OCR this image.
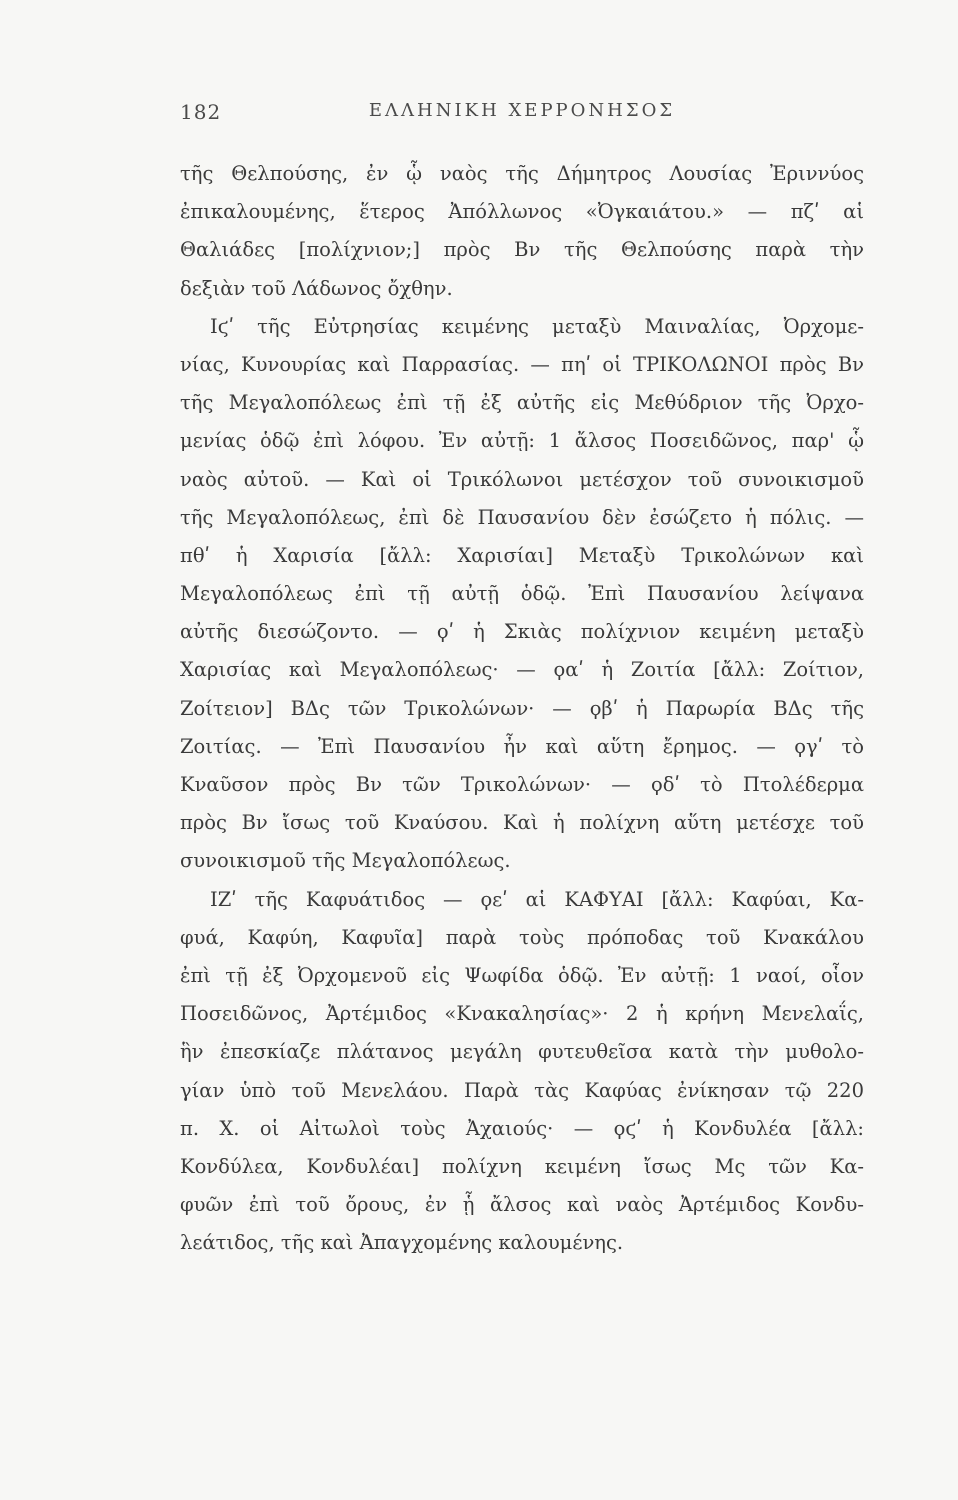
182	ΕΛΛΗΝΙΚΗ ΧΕΡΡΟΝΗΣΟΣ
τῆς Θελπούσης, ἐν ᾧ ναὸς τῆς Δήμητρος Λουσίας Ἐριννύος
ἐπικαλουμένης, ἕτερος Ἀπόλλωνος «Ὀγκαιάτου.» — πζʹ αἱ
Θαλιάδες [πολίχνιον;] πρὸς Βν τῆς Θελπούσης παρὰ τὴν
δεξιὰν τοῦ Λάδωνος ὄχθην.
Ιϛʹ τῆς Εὐτρησίας κειμένης μεταξὺ Μαιναλίας, Ὀρχομε-
νίας, Κυνουρίας καὶ Παρρασίας. — πηʹ οἱ ΤΡΙΚΟΛΩΝΟΙ πρὸς Βν
τῆς Μεγαλοπόλεως ἐπὶ τῇ ἐξ αὐτῆς εἰς Μεθύδριον τῆς Ὀρχο-
μενίας ὁδῷ ἐπὶ λόφου. Ἐν αὐτῇ: 1 ἄλσος Ποσειδῶνος, παρ' ᾧ
ναὸς αὐτοῦ. — Καὶ οἱ Τρικόλωνοι μετέσχον τοῦ συνοικισμοῦ
τῆς Μεγαλοπόλεως, ἐπὶ δὲ Παυσανίου δὲν ἐσώζετο ἡ πόλις. —
πθʹ ἡ Χαρισία [ἄλλ: Χαρισίαι] Μεταξὺ Τρικολώνων καὶ
Μεγαλοπόλεως ἐπὶ τῇ αὐτῇ ὁδῷ. Ἐπὶ Παυσανίου λείψανα
αὐτῆς διεσώζοντο. — ϙʹ ἡ Σκιὰς πολίχνιον κειμένη μεταξὺ
Χαρισίας καὶ Μεγαλοπόλεως· — ϙαʹ ἡ Ζοιτία [ἄλλ: Ζοίτιον,
Ζοίτειον] ΒΔς τῶν Τρικολώνων· — ϙβʹ ἡ Παρωρία ΒΔς τῆς
Ζοιτίας. — Ἐπὶ Παυσανίου ἦν καὶ αὕτη ἔρημος. — ϙγʹ τὸ
Κναῦσον πρὸς Βν τῶν Τρικολώνων· — ϙδʹ τὸ Πτολέδερμα
πρὸς Βν ἴσως τοῦ Κναύσου. Καὶ ἡ πολίχνη αὕτη μετέσχε τοῦ
συνοικισμοῦ τῆς Μεγαλοπόλεως.
ΙΖʹ τῆς Καφυάτιδος — ϙεʹ αἱ ΚΑΦΥΑΙ [ἄλλ: Καφύαι, Κα-
φυά, Καφύη, Καφυῖα] παρὰ τοὺς πρόποδας τοῦ Κνακάλου
ἐπὶ τῇ ἐξ Ὀρχομενοῦ εἰς Ψωφίδα ὁδῷ. Ἐν αὐτῇ: 1 ναοί, οἷον
Ποσειδῶνος, Ἀρτέμιδος «Κνακαλησίας»· 2 ἡ κρήνη Μενελαΐς,
ἣν ἐπεσκίαζε πλάτανος μεγάλη φυτευθεῖσα κατὰ τὴν μυθολο-
γίαν ὑπὸ τοῦ Μενελάου. Παρὰ τὰς Καφύας ἐνίκησαν τῷ 220
π. Χ. οἱ Αἰτωλοὶ τοὺς Ἀχαιούς· — ϙϛʹ ἡ Κονδυλέα [ἄλλ:
Κονδύλεα, Κονδυλέαι] πολίχνη κειμένη ἴσως Μς τῶν Κα-
φυῶν ἐπὶ τοῦ ὄρους, ἐν ᾗ ἄλσος καὶ ναὸς Ἀρτέμιδος Κονδυ-
λεάτιδος, τῆς καὶ Ἀπαγχομένης καλουμένης.
